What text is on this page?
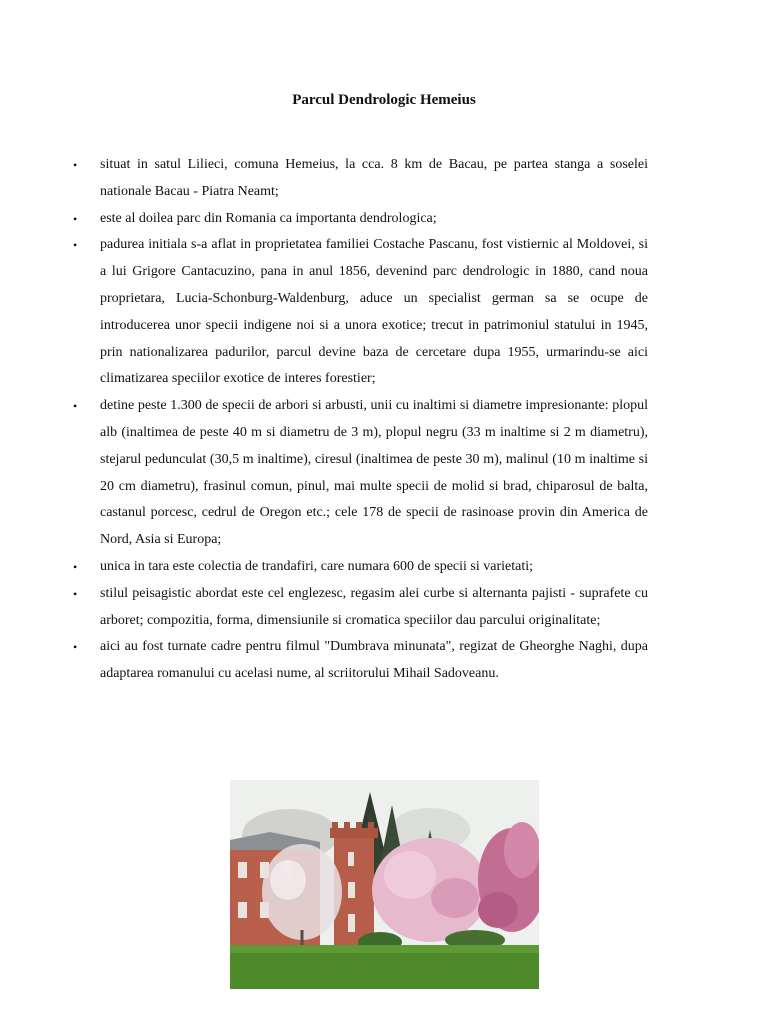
Parcul Dendrologic Hemeius
• situat in satul Lilieci, comuna Hemeius, la cca. 8 km de Bacau, pe partea stanga a soselei nationale Bacau - Piatra Neamt;
• este al doilea parc din Romania ca importanta dendrologica;
• padurea initiala s-a aflat in proprietatea familiei Costache Pascanu, fost vistiernic al Moldovei, si a lui Grigore Cantacuzino, pana in anul 1856, devenind parc dendrologic in 1880, cand noua proprietara, Lucia-Schonburg-Waldenburg, aduce un specialist german sa se ocupe de introducerea unor specii indigene noi si a unora exotice; trecut in patrimoniul statului in 1945, prin nationalizarea padurilor, parcul devine baza de cercetare dupa 1955, urmarindu-se aici climatizarea speciilor exotice de interes forestier;
• detine peste 1.300 de specii de arbori si arbusti, unii cu inaltimi si diametre impresionante: plopul alb (inaltimea de peste 40 m si diametru de 3 m), plopul negru (33 m inaltime si 2 m diametru), stejarul pedunculat (30,5 m inaltime), ciresul (inaltimea de peste 30 m), malinul (10 m inaltime si 20 cm diametru), frasinul comun, pinul, mai multe specii de molid si brad, chiparosul de balta, castanul porcesc, cedrul de Oregon etc.; cele 178 de specii de rasinoase provin din America de Nord, Asia si Europa;
• unica in tara este colectia de trandafiri, care numara 600 de specii si varietati;
• stilul peisagistic abordat este cel englezesc, regasim alei curbe si alternanta pajisti - suprafete cu arboret; compozitia, forma, dimensiunile si cromatica speciilor dau parcului originalitate;
• aici au fost turnate cadre pentru filmul "Dumbrava minunata", regizat de Gheorghe Naghi, dupa adaptarea romanului cu acelasi nume, al scriitorului Mihail Sadoveanu.
